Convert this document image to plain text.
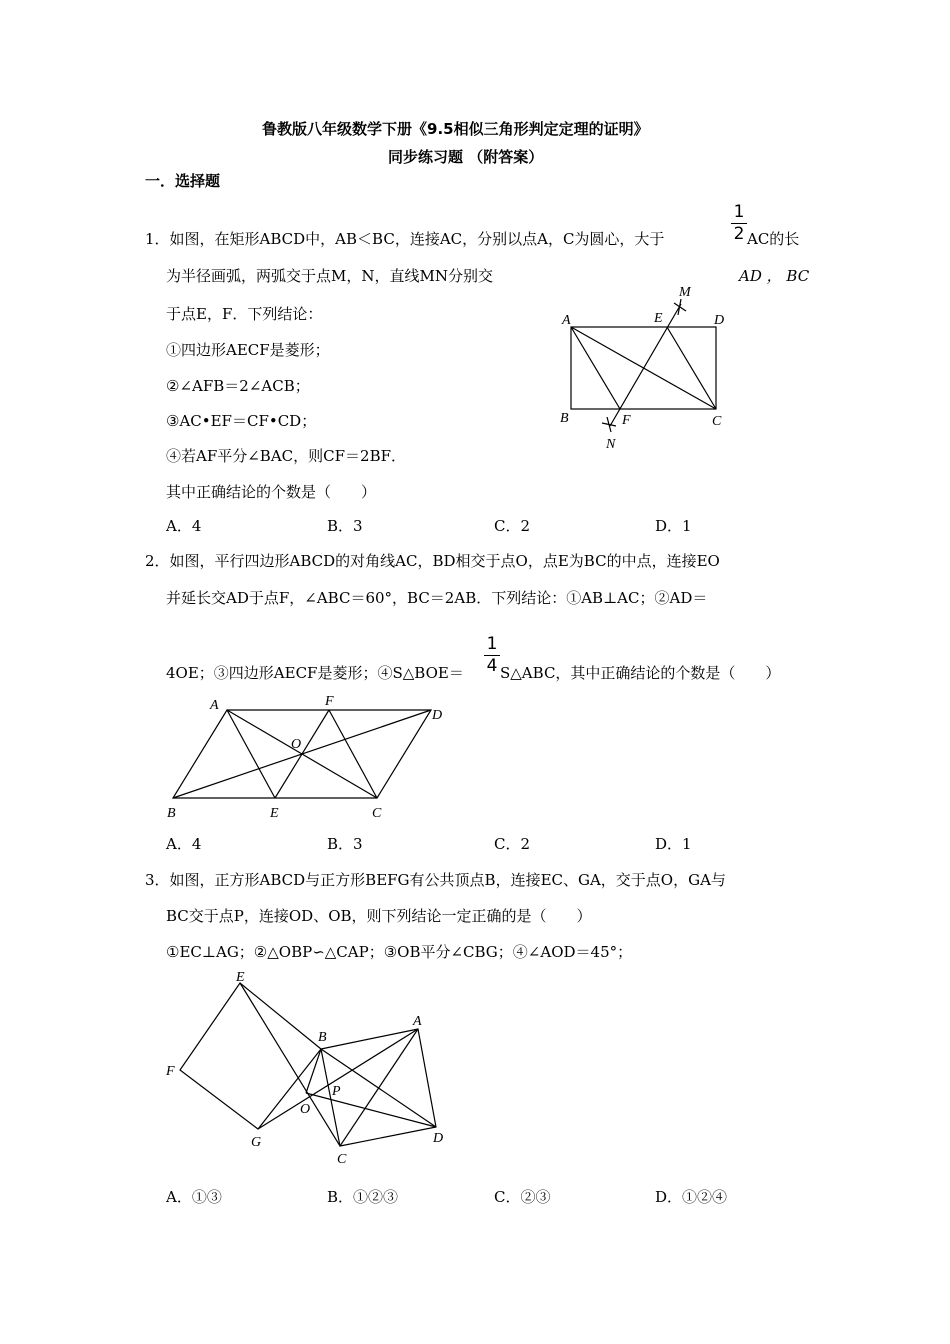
鲁教版八年级数学下册《9.5相似三角形判定定理的证明》
同步练习题 （附答案）
一．选择题
1．如图，在矩形ABCD中，AB＜BC，连接AC，分别以点A，C为圆心，大于
1
2 AC的长
为半径画弧，两弧交于点M，N，直线MN分别交	AD ， BC
于点E，F．下列结论：
①四边形AECF是菱形；
②∠AFB＝2∠ACB；
③AC•EF＝CF•CD；
④若AF平分∠BAC，则CF＝2BF．
其中正确结论的个数是（　　）
A．4	B．3	C．2	D．1
A	E	D
M
B	F	C
N
2．如图，平行四边形ABCD的对角线AC，BD相交于点O，点E为BC的中点，连接EO
并延长交AD于点F，∠ABC＝60°，BC＝2AB．下列结论：①AB⊥AC；②AD＝
4OE；③四边形AECF是菱形；④S△BOE＝
1
4 S△ABC，其中正确结论的个数是（　　）
A	F
D
O
B	E	C
A．4	B．3	C．2	D．1
3．如图，正方形ABCD与正方形BEFG有公共顶点B，连接EC、GA，交于点O，GA与
BC交于点P，连接OD、OB，则下列结论一定正确的是（　　）
①EC⊥AG；②△OBP∽△CAP；③OB平分∠CBG；④∠AOD＝45°；
E
A
B
F
P
O
G	D
C
A．①③	B．①②③	C．②③	D．①②④
